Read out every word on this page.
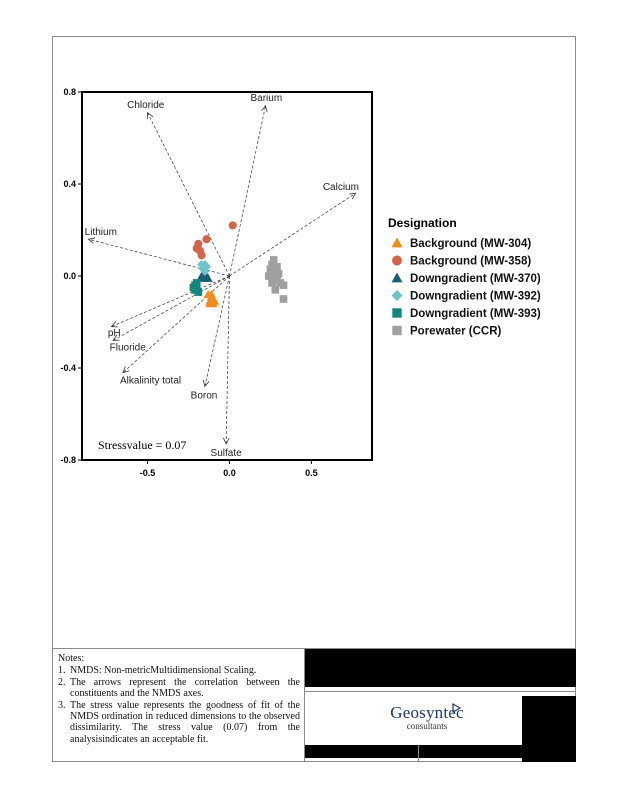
Barium
Chloride
Calcium
Lithium
pH
Fluoride
Alkalinity total
Boron
Sulfate
-0.5	0.0	0.5
0.8
0.4
0.0
-0.4
-0.8
Stressvalue = 0.07
Designation
Background (MW-304)
Background (MW-358)
Downgradient (MW-370)
Downgradient (MW-392)
Downgradient (MW-393)
Porewater (CCR)
Notes:
1. NMDS: Non-metricMultidimensional Scaling.
2. The arrows represent the correlation between the constituents and the NMDS axes.
3. The stress value represents the goodness of fit of the NMDS ordination in reduced dimensions to the observed dissimilarity. The stress value (0.07) from the analysisindicates an acceptable fit.
Geosyntec
consultants
